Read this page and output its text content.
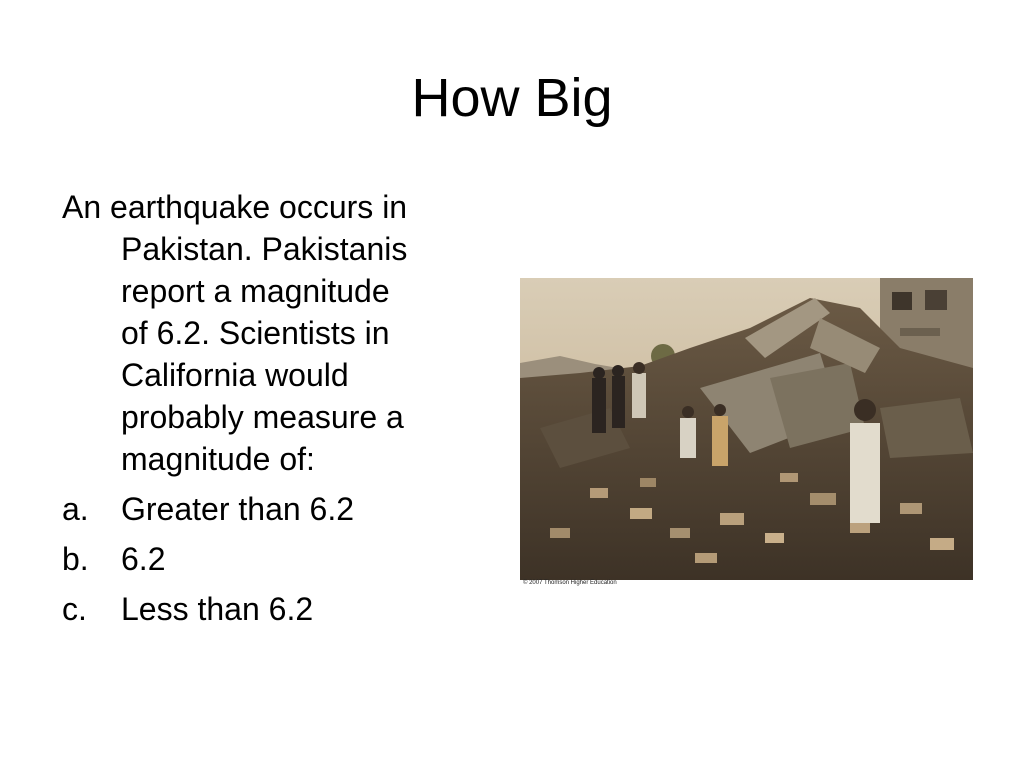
How Big
An earthquake occurs in
Pakistan. Pakistanis
report a magnitude
of 6.2. Scientists in
California would
probably measure a
magnitude of:
a.	Greater than 6.2
b.	6.2
c.	Less than 6.2
© 2007 Thomson Higher Education
